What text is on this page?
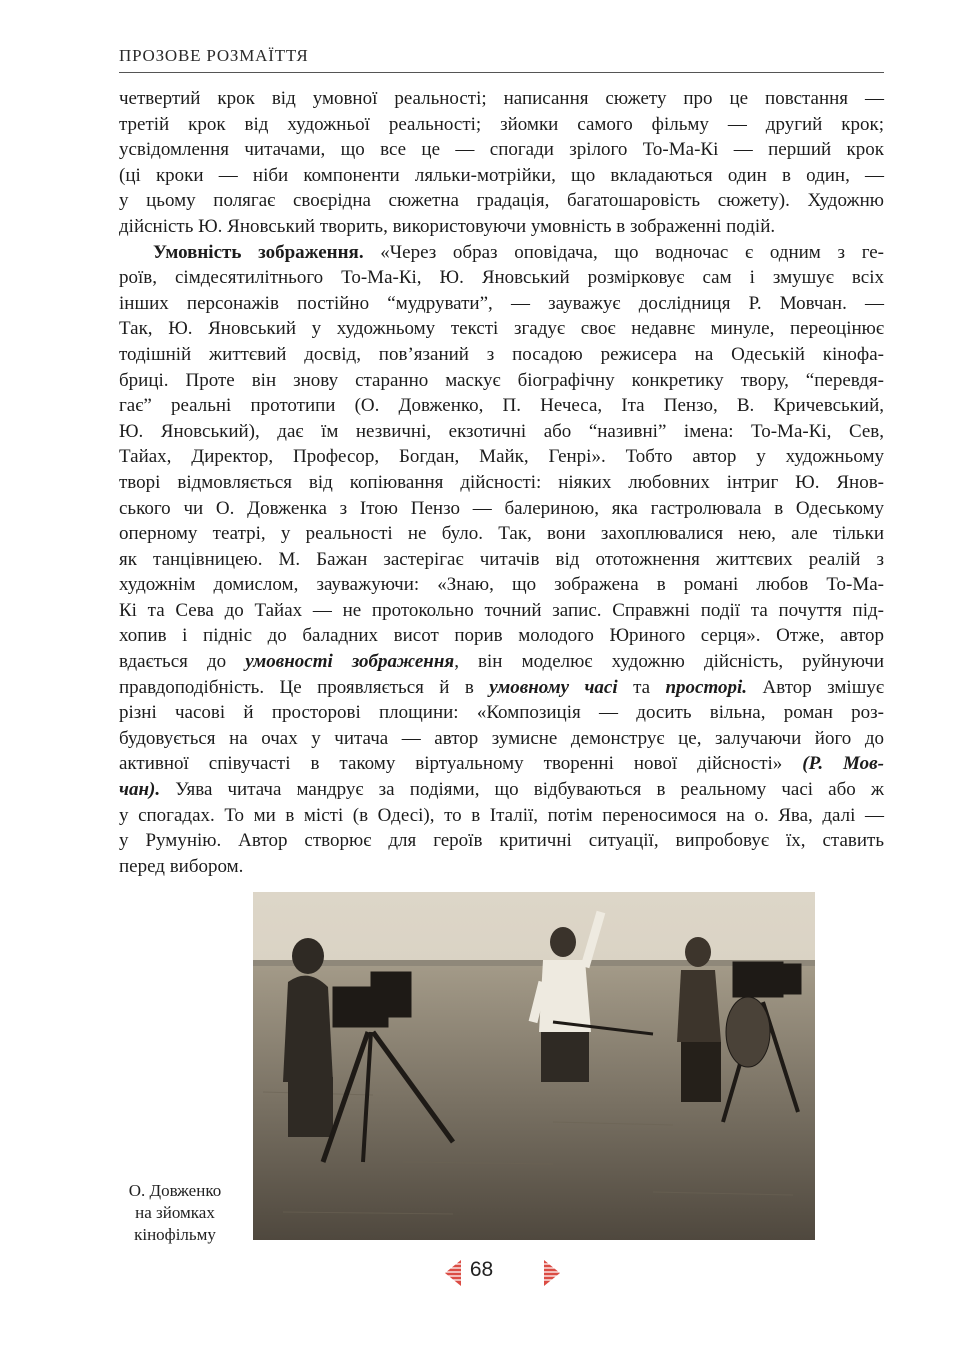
ПРОЗОВЕ РОЗМАЇТТЯ
четвертий крок від умовної реальності; написання сюжету про це повстання —
третій крок від художньої реальності; зйомки самого фільму — другий крок;
усвідомлення читачами, що все це — спогади зрілого То-Ма-Кі — перший крок
(ці кроки — ніби компоненти ляльки-мотрійки, що вкладаються один в один, —
у цьому полягає своєрідна сюжетна градація, багатошаровість сюжету). Художню
дійсність Ю. Яновський творить, використовуючи умовність в зображенні подій.
Умовність зображення. «Через образ оповідача, що водночас є одним з ге-
роїв, сімдесятилітнього То-Ма-Кі, Ю. Яновський розмірковує сам і змушує всіх
інших персонажів постійно “мудрувати”, — зауважує дослідниця Р. Мовчан. —
Так, Ю. Яновський у художньому тексті згадує своє недавнє минуле, переоцінює
тодішній життєвий досвід, пов’язаний з посадою режисера на Одеській кінофа-
бриці. Проте він знову старанно маскує біографічну конкретику твору, “перевдя-
гає” реальні прототипи (О. Довженко, П. Нечеса, Іта Пензо, В. Кричевський,
Ю. Яновський), дає їм незвичні, екзотичні або “називні” імена: То-Ма-Кі, Сев,
Тайах, Директор, Професор, Богдан, Майк, Генрі». Тобто автор у художньому
творі відмовляється від копіювання дійсності: ніяких любовних інтриг Ю. Янов-
ського чи О. Довженка з Ітою Пензо — балериною, яка гастролювала в Одеському
оперному театрі, у реальності не було. Так, вони захоплювалися нею, але тільки
як танцівницею. М. Бажан застерігає читачів від ототожнення життєвих реалій з
художнім домислом, зауважуючи: «Знаю, що зображена в романі любов То-Ма-
Кі та Сева до Тайах — не протокольно точний запис. Справжні події та почуття під-
хопив і підніс до баладних висот порив молодого Юриного серця». Отже, автор
вдається до умовності зображення, він моделює художню дійсність, руйнуючи
правдоподібність. Це проявляється й в умовному часі та просторі. Автор змішує
різні часові й просторові площини: «Композиція — досить вільна, роман роз-
будовується на очах у читача — автор зумисне демонструє це, залучаючи його до
активної співучасті в такому віртуальному творенні нової дійсності» (Р. Мов-
чан). Уява читача мандрує за подіями, що відбуваються в реальному часі або ж
у спогадах. То ми в місті (в Одесі), то в Італії, потім переносимося на о. Ява, далі —
у Румунію. Автор створює для героїв критичні ситуації, випробовує їх, ставить
перед вибором.
О. Довженко
на зйомках
кінофільму
68
